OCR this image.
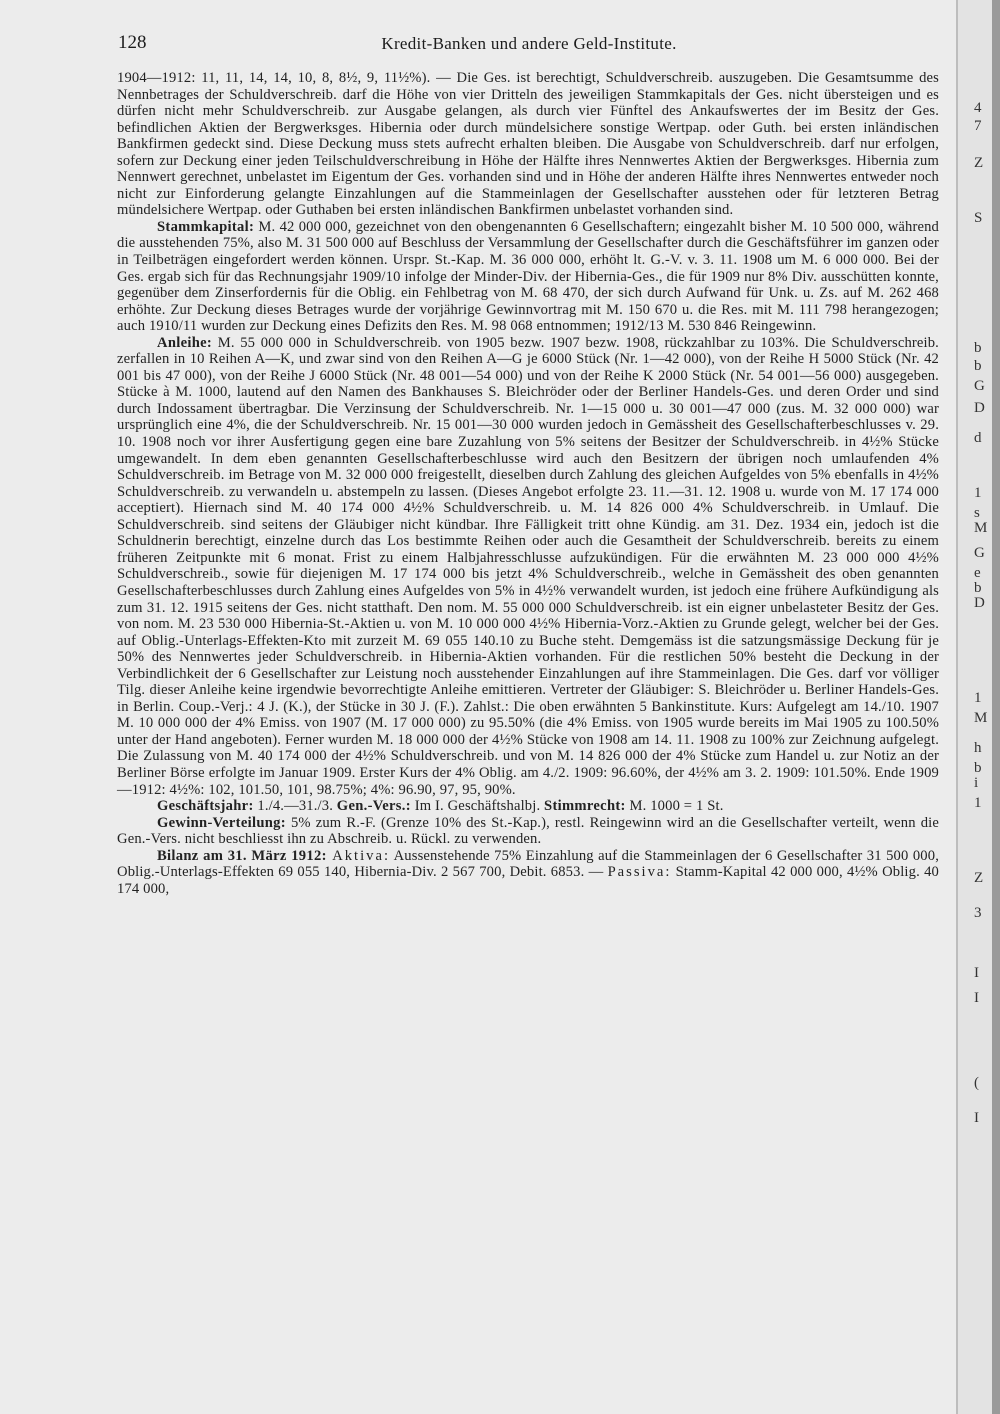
128	Kredit-Banken und andere Geld-Institute.

1904—1912: 11, 11, 14, 14, 10, 8, 8½, 9, 11½%). — Die Ges. ist berechtigt, Schuldverschreib. auszugeben. Die Gesamtsumme des Nennbetrages der Schuldverschreib. darf die Höhe von vier Dritteln des jeweiligen Stammkapitals der Ges. nicht übersteigen und es dürfen nicht mehr Schuldverschreib. zur Ausgabe gelangen, als durch vier Fünftel des Ankaufswertes der im Besitz der Ges. befindlichen Aktien der Bergwerksges. Hibernia oder durch mündelsichere sonstige Wertpap. oder Guth. bei ersten inländischen Bankfirmen gedeckt sind. Diese Deckung muss stets aufrecht erhalten bleiben. Die Ausgabe von Schuldverschreib. darf nur erfolgen, sofern zur Deckung einer jeden Teilschuldverschreibung in Höhe der Hälfte ihres Nennwertes Aktien der Bergwerksges. Hibernia zum Nennwert gerechnet, unbelastet im Eigentum der Ges. vorhanden sind und in Höhe der anderen Hälfte ihres Nennwertes entweder noch nicht zur Einforderung gelangte Einzahlungen auf die Stammeinlagen der Gesellschafter ausstehen oder für letzteren Betrag mündelsichere Wertpap. oder Guthaben bei ersten inländischen Bankfirmen unbelastet vorhanden sind.

Stammkapital: M. 42 000 000, gezeichnet von den obengenannten 6 Gesellschaftern; eingezahlt bisher M. 10 500 000, während die ausstehenden 75%, also M. 31 500 000 auf Beschluss der Versammlung der Gesellschafter durch die Geschäftsführer im ganzen oder in Teilbeträgen eingefordert werden können. Urspr. St.-Kap. M. 36 000 000, erhöht lt. G.-V. v. 3. 11. 1908 um M. 6 000 000. Bei der Ges. ergab sich für das Rechnungsjahr 1909/10 infolge der Minder-Div. der Hibernia-Ges., die für 1909 nur 8% Div. ausschütten konnte, gegenüber dem Zinserfordernis für die Oblig. ein Fehlbetrag von M. 68 470, der sich durch Aufwand für Unk. u. Zs. auf M. 262 468 erhöhte. Zur Deckung dieses Betrages wurde der vorjährige Gewinnvortrag mit M. 150 670 u. die Res. mit M. 111 798 herangezogen; auch 1910/11 wurden zur Deckung eines Defizits den Res. M. 98 068 entnommen; 1912/13 M. 530 846 Reingewinn.

Anleihe: M. 55 000 000 in Schuldverschreib. von 1905 bezw. 1907 bezw. 1908, rückzahlbar zu 103%. Die Schuldverschreib. zerfallen in 10 Reihen A—K, und zwar sind von den Reihen A—G je 6000 Stück (Nr. 1—42 000), von der Reihe H 5000 Stück (Nr. 42 001 bis 47 000), von der Reihe J 6000 Stück (Nr. 48 001—54 000) und von der Reihe K 2000 Stück (Nr. 54 001—56 000) ausgegeben. Stücke à M. 1000, lautend auf den Namen des Bankhauses S. Bleichröder oder der Berliner Handels-Ges. und deren Order und sind durch Indossament übertragbar. Die Verzinsung der Schuldverschreib. Nr. 1—15 000 u. 30 001—47 000 (zus. M. 32 000 000) war ursprünglich eine 4%, die der Schuldverschreib. Nr. 15 001—30 000 wurden jedoch in Gemässheit des Gesellschafterbeschlusses v. 29. 10. 1908 noch vor ihrer Ausfertigung gegen eine bare Zuzahlung von 5% seitens der Besitzer der Schuldverschreib. in 4½% Stücke umgewandelt. In dem eben genannten Gesellschafterbeschlusse wird auch den Besitzern der übrigen noch umlaufenden 4% Schuldverschreib. im Betrage von M. 32 000 000 freigestellt, dieselben durch Zahlung des gleichen Aufgeldes von 5% ebenfalls in 4½% Schuldverschreib. zu verwandeln u. abstempeln zu lassen. (Dieses Angebot erfolgte 23. 11.—31. 12. 1908 u. wurde von M. 17 174 000 acceptiert). Hiernach sind M. 40 174 000 4½% Schuldverschreib. u. M. 14 826 000 4% Schuldverschreib. in Umlauf. Die Schuldverschreib. sind seitens der Gläubiger nicht kündbar. Ihre Fälligkeit tritt ohne Kündig. am 31. Dez. 1934 ein, jedoch ist die Schuldnerin berechtigt, einzelne durch das Los bestimmte Reihen oder auch die Gesamtheit der Schuldverschreib. bereits zu einem früheren Zeitpunkte mit 6 monat. Frist zu einem Halbjahresschlusse aufzukündigen. Für die erwähnten M. 23 000 000 4½% Schuldverschreib., sowie für diejenigen M. 17 174 000 bis jetzt 4% Schuldverschreib., welche in Gemässheit des oben genannten Gesellschafterbeschlusses durch Zahlung eines Aufgeldes von 5% in 4½% verwandelt wurden, ist jedoch eine frühere Aufkündigung als zum 31. 12. 1915 seitens der Ges. nicht statthaft. Den nom. M. 55 000 000 Schuldverschreib. ist ein eigner unbelasteter Besitz der Ges. von nom. M. 23 530 000 Hibernia-St.-Aktien u. von M. 10 000 000 4½% Hibernia-Vorz.-Aktien zu Grunde gelegt, welcher bei der Ges. auf Oblig.-Unterlags-Effekten-Kto mit zurzeit M. 69 055 140.10 zu Buche steht. Demgemäss ist die satzungsmässige Deckung für je 50% des Nennwertes jeder Schuldverschreib. in Hibernia-Aktien vorhanden. Für die restlichen 50% besteht die Deckung in der Verbindlichkeit der 6 Gesellschafter zur Leistung noch ausstehender Einzahlungen auf ihre Stammeinlagen. Die Ges. darf vor völliger Tilg. dieser Anleihe keine irgendwie bevorrechtigte Anleihe emittieren. Vertreter der Gläubiger: S. Bleichröder u. Berliner Handels-Ges. in Berlin. Coup.-Verj.: 4 J. (K.), der Stücke in 30 J. (F.). Zahlst.: Die oben erwähnten 5 Bankinstitute. Kurs: Aufgelegt am 14./10. 1907 M. 10 000 000 der 4% Emiss. von 1907 (M. 17 000 000) zu 95.50% (die 4% Emiss. von 1905 wurde bereits im Mai 1905 zu 100.50% unter der Hand angeboten). Ferner wurden M. 18 000 000 der 4½% Stücke von 1908 am 14. 11. 1908 zu 100% zur Zeichnung aufgelegt. Die Zulassung von M. 40 174 000 der 4½% Schuldverschreib. und von M. 14 826 000 der 4% Stücke zum Handel u. zur Notiz an der Berliner Börse erfolgte im Januar 1909. Erster Kurs der 4% Oblig. am 4./2. 1909: 96.60%, der 4½% am 3. 2. 1909: 101.50%. Ende 1909—1912: 4½%: 102, 101.50, 101, 98.75%; 4%: 96.90, 97, 95, 90%.

Geschäftsjahr: 1./4.—31./3. Gen.-Vers.: Im I. Geschäftshalbj. Stimmrecht: M. 1000 = 1 St.

Gewinn-Verteilung: 5% zum R.-F. (Grenze 10% des St.-Kap.), restl. Reingewinn wird an die Gesellschafter verteilt, wenn die Gen.-Vers. nicht beschliesst ihn zu Abschreib. u. Rückl. zu verwenden.

Bilanz am 31. März 1912: Aktiva: Aussenstehende 75% Einzahlung auf die Stammeinlagen der 6 Gesellschafter 31 500 000, Oblig.-Unterlags-Effekten 69 055 140, Hibernia-Div. 2 567 700, Debit. 6853. — Passiva: Stamm-Kapital 42 000 000, 4½% Oblig. 40 174 000,

4
7
Z
S
b
b
G
D
d
1
s
M
G
e
b
D
1
M
h
b
i
1
Z
3
I
I
(
I
